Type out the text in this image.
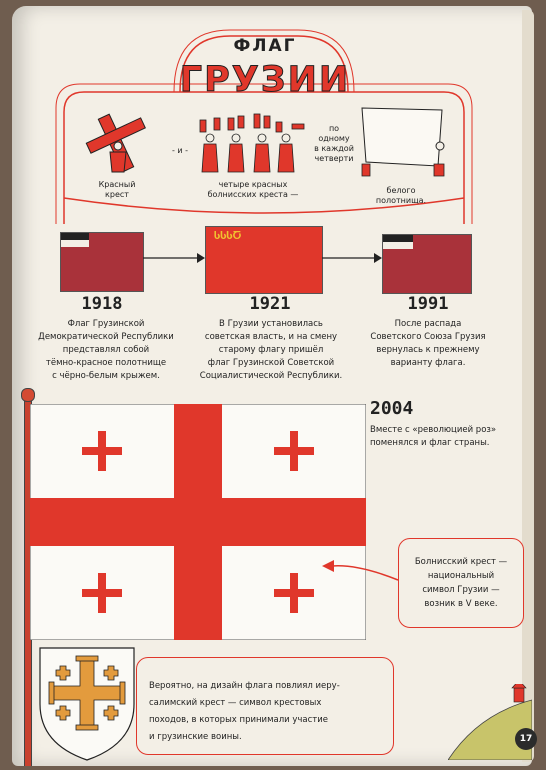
ФЛАГ
ГРУЗИИ
Красный
крест
- и -
четыре красных
болнисских креста —
по
одному
в каждой
четверти
белого
полотнища.
ႱႱႱႠ
1918	1921	1991
Флаг Грузинской
Демократической Республики
представлял собой
тёмно-красное полотнище
с чёрно-белым крыжем.
В Грузии установилась
советская власть, и на смену
старому флагу пришёл
флаг Грузинской Советской
Социалистической Республики.
После распада
Советского Союза Грузия
вернулась к прежнему
варианту флага.
2004
Вместе с «революцией роз»
поменялся и флаг страны.
Болнисский крест —
национальный
символ Грузии —
возник в V веке.
Вероятно, на дизайн флага повлиял иеру-
салимский крест — символ крестовых
походов, в которых принимали участие
и грузинские воины.	17
